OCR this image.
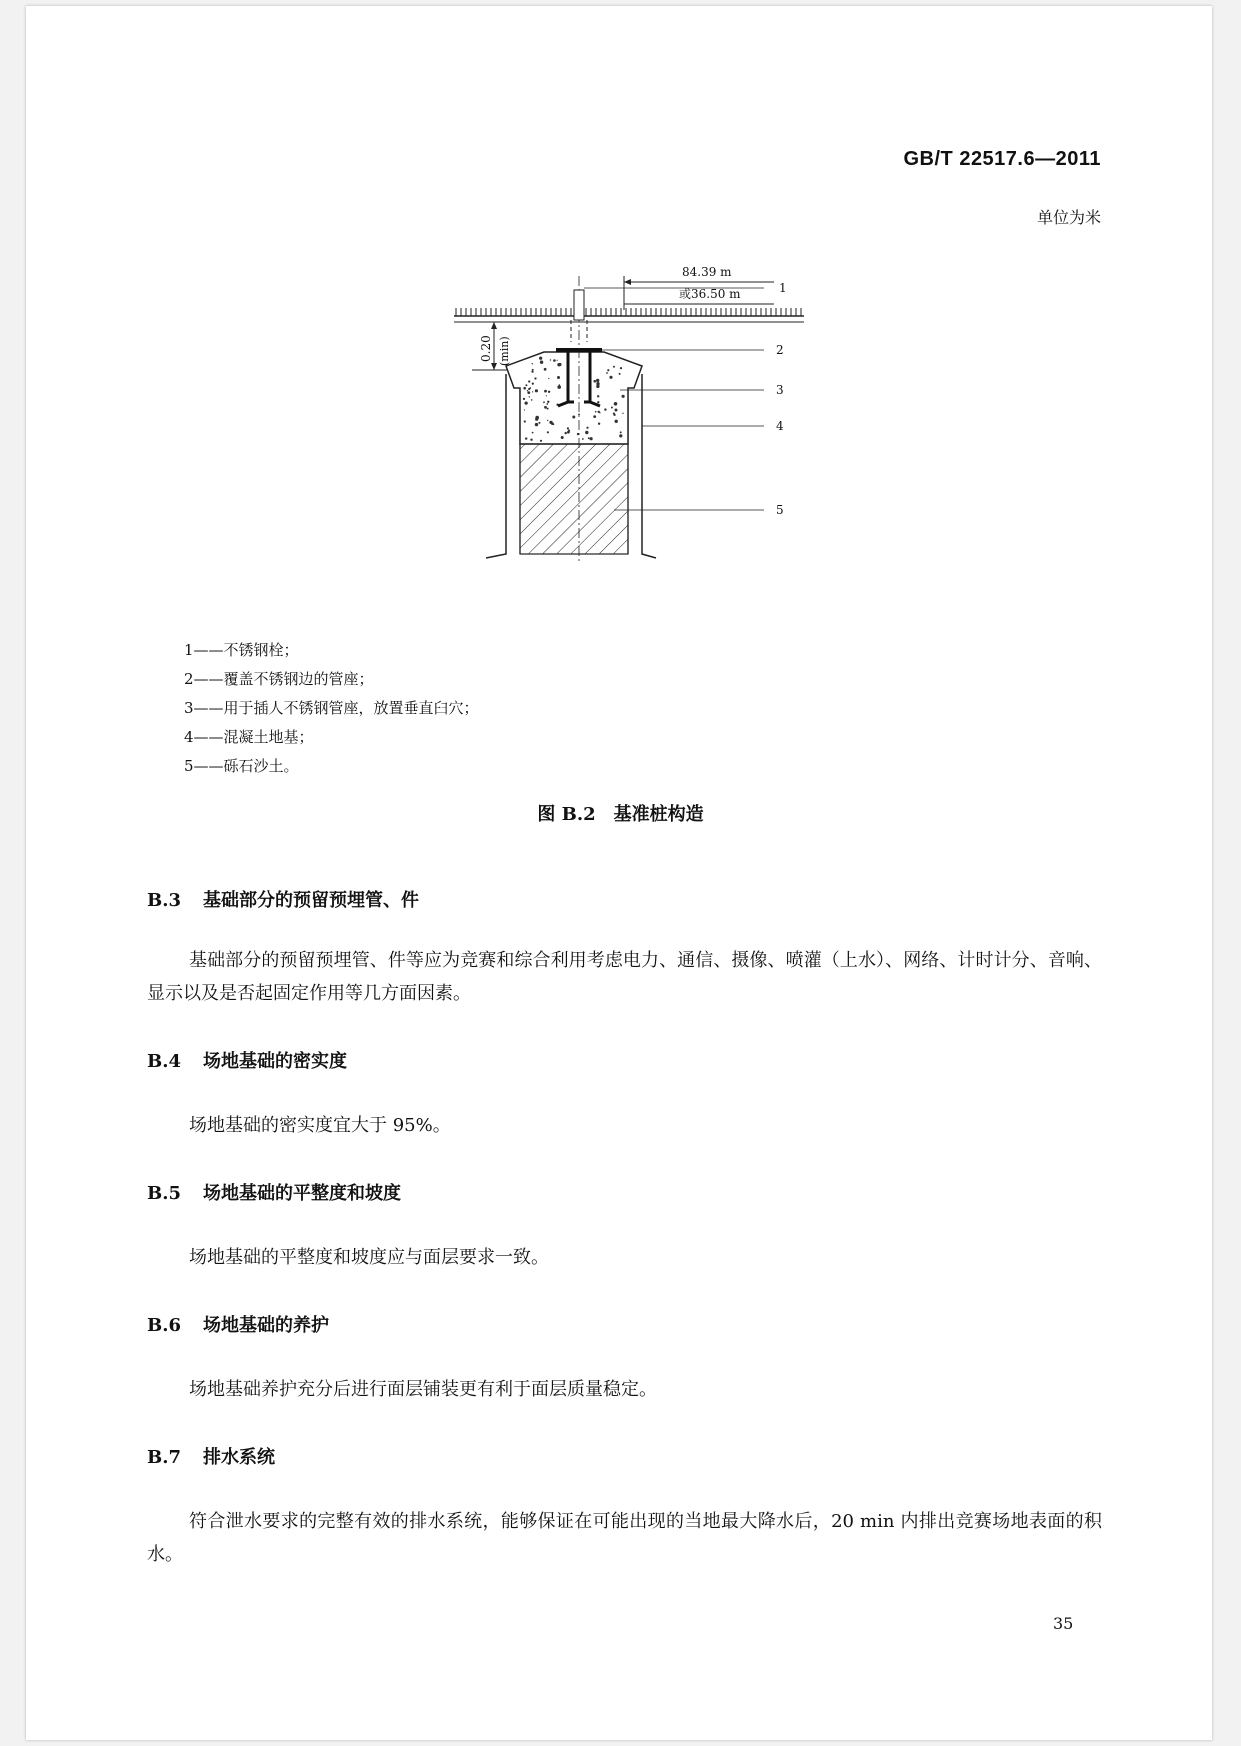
GB/T 22517.6—2011
单位为米
84.39 m
或36.50 m
0.20 (min)
1
2
3
4
5
1——不锈钢栓；
2——覆盖不锈钢边的管座；
3——用于插人不锈钢管座，放置垂直臼穴；
4——混凝土地基；
5——砾石沙土。
图 B.2　基准桩构造
B.3 基础部分的预留预埋管、件
基础部分的预留预埋管、件等应为竞赛和综合利用考虑电力、通信、摄像、喷灌（上水）、网络、计时计分、音响、显示以及是否起固定作用等几方面因素。
B.4 场地基础的密实度
场地基础的密实度宜大于 95%。
B.5 场地基础的平整度和坡度
场地基础的平整度和坡度应与面层要求一致。
B.6 场地基础的养护
场地基础养护充分后进行面层铺装更有利于面层质量稳定。
B.7 排水系统
符合泄水要求的完整有效的排水系统，能够保证在可能出现的当地最大降水后，20 min 内排出竞赛场地表面的积水。
35
